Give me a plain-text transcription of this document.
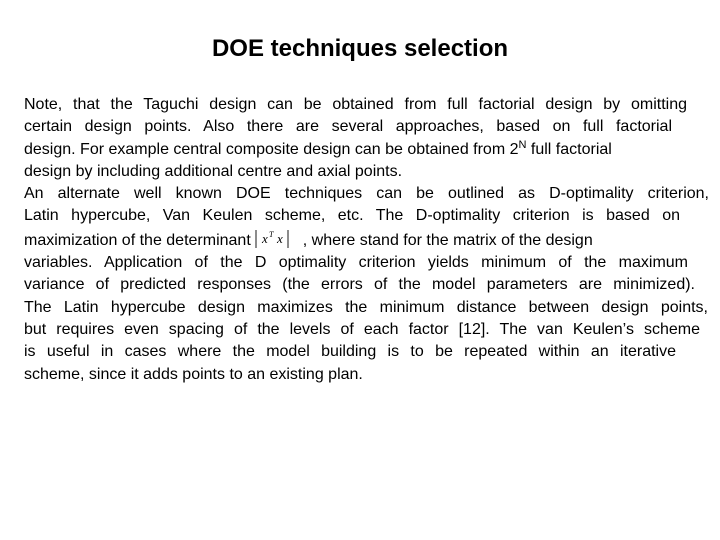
DOE techniques selection
Note, that the Taguchi design can be obtained from full factorial design by omitting
certain design points. Also there are several approaches, based on full factorial
design. For example central composite design can be obtained from $2^N$ full factorial
design by including additional centre and axial points.
An alternate well known DOE techniques can be outlined as D-optimality criterion,
Latin hypercube, Van Keulen scheme, etc. The D-optimality criterion is based on
maximization of the determinant x T x , where stand for the matrix of the design
variables. Application of the D optimality criterion yields minimum of the maximum
variance of predicted responses (the errors of the model parameters are minimized).
The Latin hypercube design maximizes the minimum distance between design points,
but requires even spacing of the levels of each factor [12]. The van Keulen’s scheme
is useful in cases where the model building is to be repeated within an iterative
scheme, since it adds points to an existing plan.
